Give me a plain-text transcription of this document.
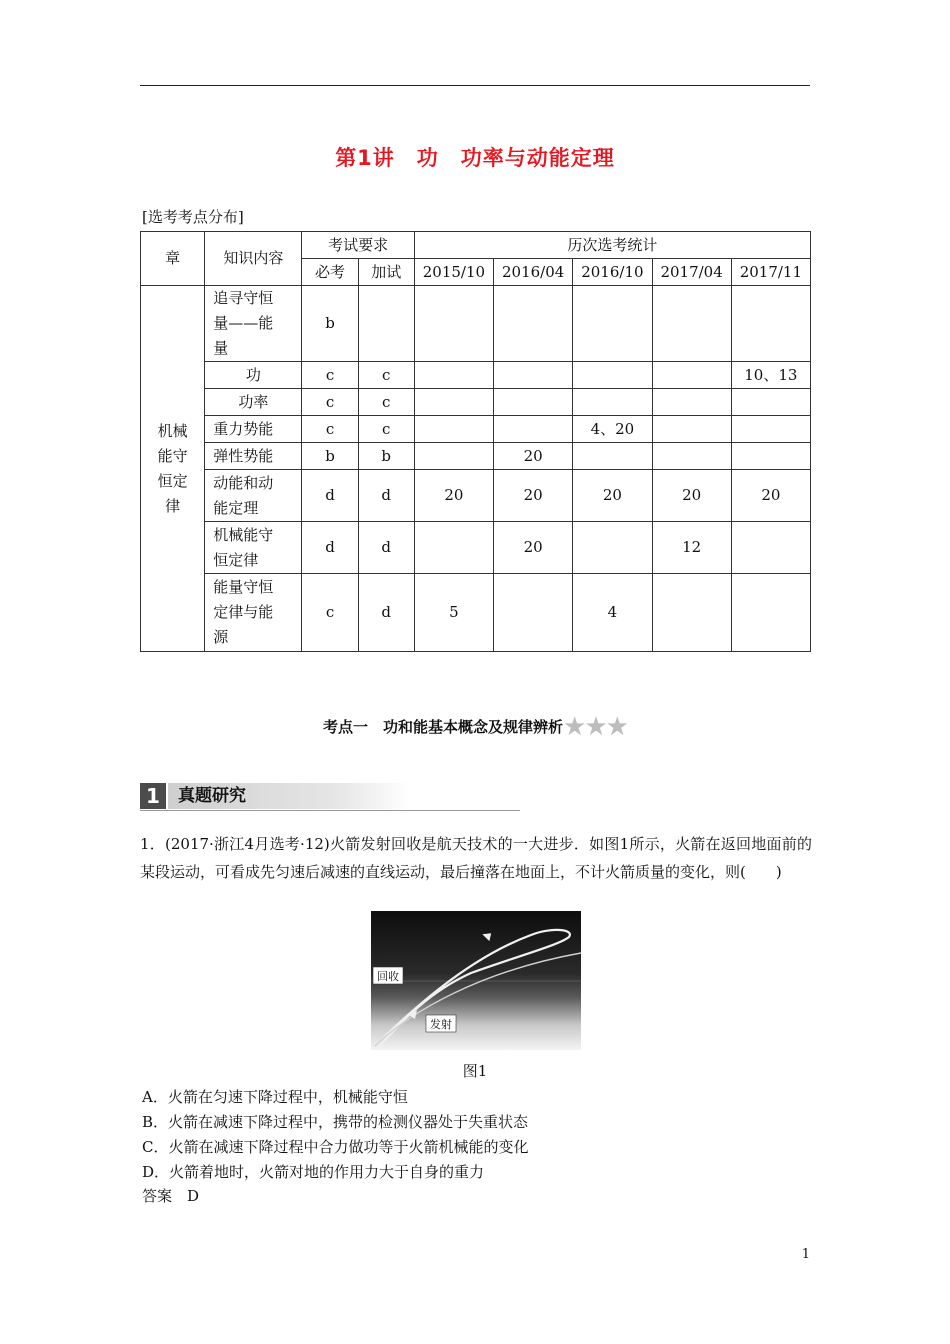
第1讲　功　功率与动能定理
[选考考点分布]
章	知识内容	考试要求		历次选考统计				
		必考	加试	2015/10	2016/04	2016/10	2017/04	2017/11

机械能守恒定律	追寻守恒量——能量	b						
	功	c	c					10、13
	功率	c	c					
	重力势能	c	c			4、20		
	弹性势能	b	b		20			

	动能和动能定理	d	d	20	20	20	20	20

	机械能守恒定律	d	d		20		12	

	能量守恒定律与能源	c	d	5		4		
考点一　功和能基本概念及规律辨析★★★
1	真题研究
1．(2017·浙江4月选考·12)火箭发射回收是航天技术的一大进步．如图1所示，火箭在返回地面前的某段运动，可看成先匀速后减速的直线运动，最后撞落在地面上，不计火箭质量的变化，则(　　)
回收
发射
图1
A．火箭在匀速下降过程中，机械能守恒
B．火箭在减速下降过程中，携带的检测仪器处于失重状态
C．火箭在减速下降过程中合力做功等于火箭机械能的变化
D．火箭着地时，火箭对地的作用力大于自身的重力
答案　D
1
